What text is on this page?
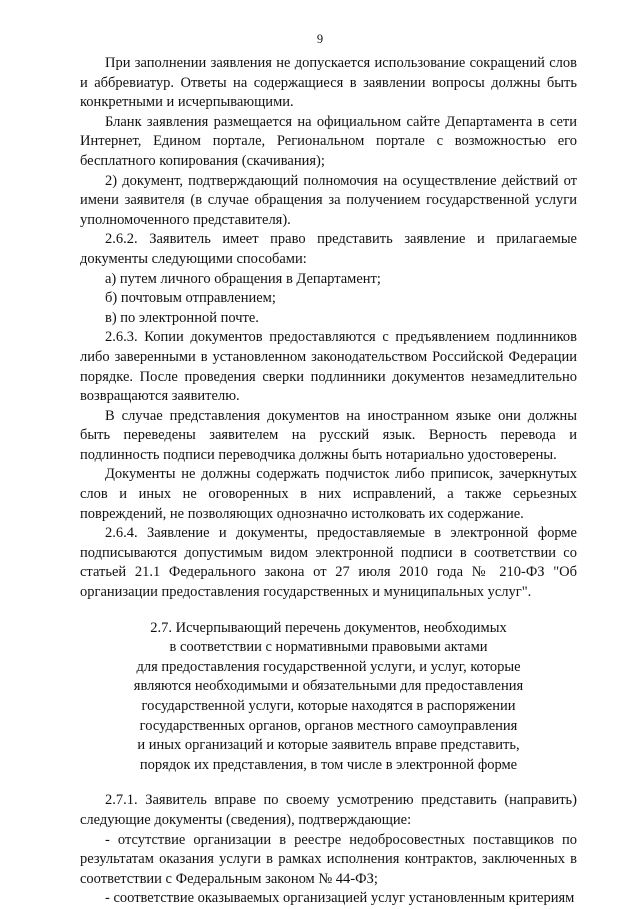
9

При заполнении заявления не допускается использование сокращений слов и аббревиатур. Ответы на содержащиеся в заявлении вопросы должны быть конкретными и исчерпывающими.

Бланк заявления размещается на официальном сайте Департамента в сети Интернет, Едином портале, Региональном портале с возможностью его бесплатного копирования (скачивания);

2) документ, подтверждающий полномочия на осуществление действий от имени заявителя (в случае обращения за получением государственной услуги уполномоченного представителя).

2.6.2. Заявитель имеет право представить заявление и прилагаемые документы следующими способами:

а) путем личного обращения в Департамент;

б) почтовым отправлением;

в) по электронной почте.

2.6.3. Копии документов предоставляются с предъявлением подлинников либо заверенными в установленном законодательством Российской Федерации порядке. После проведения сверки подлинники документов незамедлительно возвращаются заявителю.

В случае представления документов на иностранном языке они должны быть переведены заявителем на русский язык. Верность перевода и подлинность подписи переводчика должны быть нотариально удостоверены.

Документы не должны содержать подчисток либо приписок, зачеркнутых слов и иных не оговоренных в них исправлений, а также серьезных повреждений, не позволяющих однозначно истолковать их содержание.

2.6.4. Заявление и документы, предоставляемые в электронной форме подписываются допустимым видом электронной подписи в соответствии со статьей 21.1 Федерального закона от 27 июля 2010 года № 210-ФЗ "Об организации предоставления государственных и муниципальных услуг".

2.7. Исчерпывающий перечень документов, необходимых
в соответствии с нормативными правовыми актами
для предоставления государственной услуги, и услуг, которые
являются необходимыми и обязательными для предоставления
государственной услуги, которые находятся в распоряжении
государственных органов, органов местного самоуправления
и иных организаций и которые заявитель вправе представить,
порядок их представления, в том числе в электронной форме

2.7.1. Заявитель вправе по своему усмотрению представить (направить) следующие документы (сведения), подтверждающие:

- отсутствие организации в реестре недобросовестных поставщиков по результатам оказания услуги в рамках исполнения контрактов, заключенных в соответствии с Федеральным законом № 44-ФЗ;

- соответствие оказываемых организацией услуг установленным критериям
